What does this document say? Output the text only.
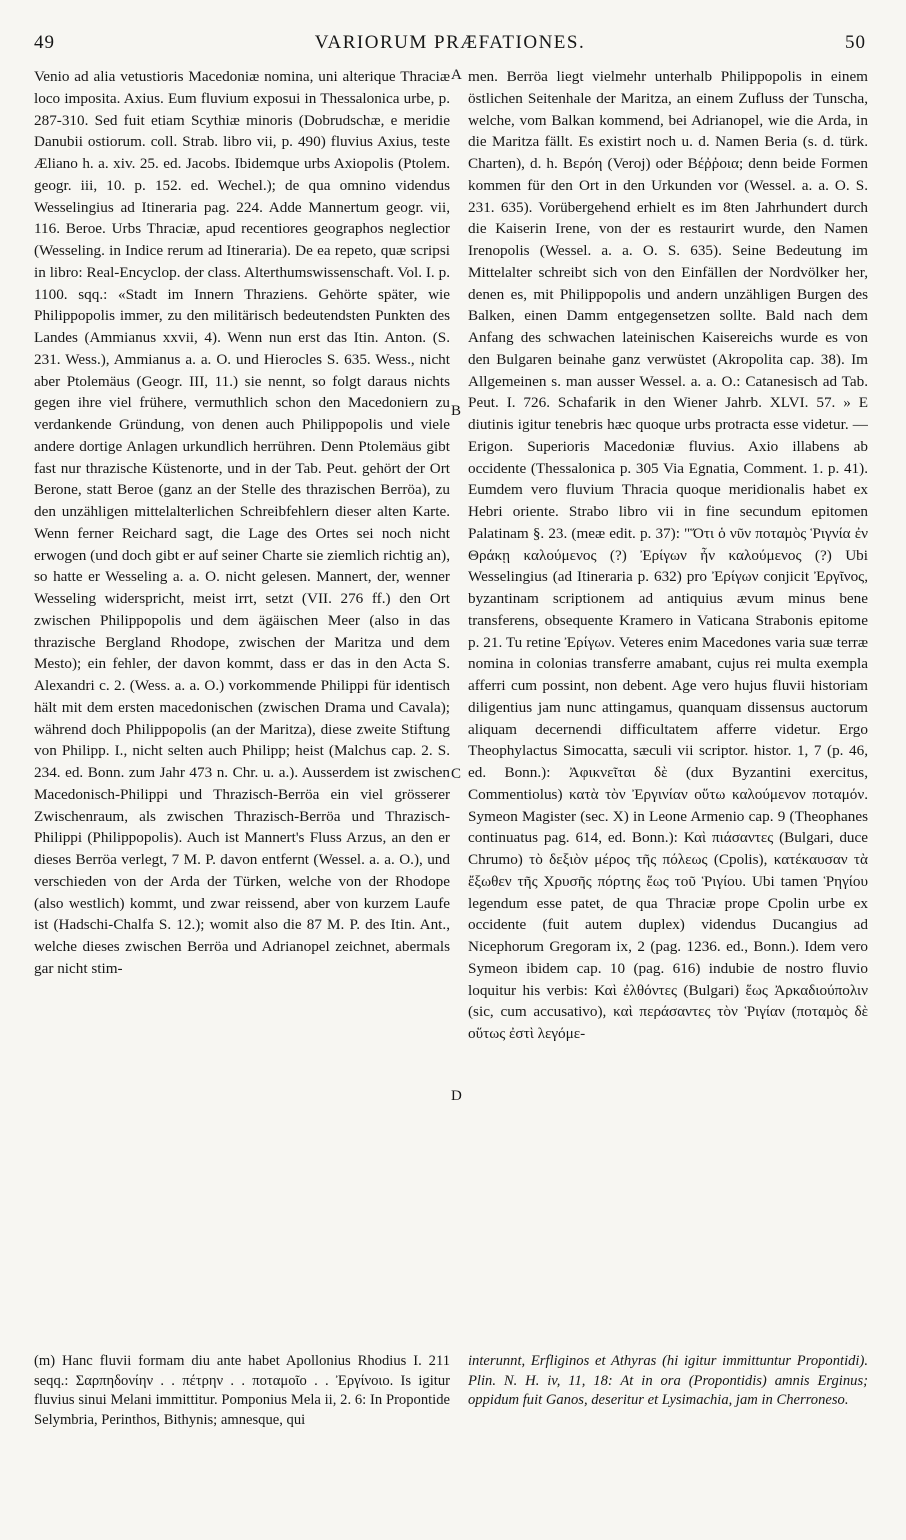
49	VARIORUM PRÆFATIONES.	50

Venio ad alia vetustioris Macedoniæ nomina, uni alterique Thraciæ loco imposita. Axius. Eum fluvium exposui in Thessalonica urbe, p. 287-310. Sed fuit etiam Scythiæ minoris (Dobrudschæ, e meridie Danubii ostiorum. coll. Strab. libro vii, p. 490) fluvius Axius, teste Æliano h. a. xiv. 25. ed. Jacobs. Ibidemque urbs Axiopolis (Ptolem. geogr. iii, 10. p. 152. ed. Wechel.); de qua omnino videndus Wesselingius ad Itineraria pag. 224. Adde Mannertum geogr. vii, 116. Beroe. Urbs Thraciæ, apud recentiores geographos neglectior (Wesseling. in Indice rerum ad Itineraria). De ea repeto, quæ scripsi in libro: Real-Encyclop. der class. Alterthumswissenschaft. Vol. I. p. 1100. sqq.: «Stadt im Innern Thraziens. Gehörte später, wie Philippopolis immer, zu den militärisch bedeutendsten Punkten des Landes (Ammianus xxvii, 4). Wenn nun erst das Itin. Anton. (S. 231. Wess.), Ammianus a. a. O. und Hierocles S. 635. Wess., nicht aber Ptolemäus (Geogr. III, 11.) sie nennt, so folgt daraus nichts gegen ihre viel frühere, vermuthlich schon den Macedoniern zu verdankende Gründung, von denen auch Philippopolis und viele andere dortige Anlagen urkundlich herrühren. Denn Ptolemäus gibt fast nur thrazische Küstenorte, und in der Tab. Peut. gehört der Ort Berone, statt Beroe (ganz an der Stelle des thrazischen Berröa), zu den unzähligen mittelalterlichen Schreibfehlern dieser alten Karte. Wenn ferner Reichard sagt, die Lage des Ortes sei noch nicht erwogen (und doch gibt er auf seiner Charte sie ziemlich richtig an), so hatte er Wesseling a. a. O. nicht gelesen. Mannert, der, wenner Wesseling widerspricht, meist irrt, setzt (VII. 276 ff.) den Ort zwischen Philippopolis und dem ägäischen Meer (also in das thrazische Bergland Rhodope, zwischen der Maritza und dem Mesto); ein fehler, der davon kommt, dass er das in den Acta S. Alexandri c. 2. (Wess. a. a. O.) vorkommende Philippi für identisch hält mit dem ersten macedonischen (zwischen Drama und Cavala); während doch Philippopolis (an der Maritza), diese zweite Stiftung von Philipp. I., nicht selten auch Philipp; heist (Malchus cap. 2. S. 234. ed. Bonn. zum Jahr 473 n. Chr. u. a.). Ausserdem ist zwischen Macedonisch-Philippi und Thrazisch-Berröa ein viel grösserer Zwischenraum, als zwischen Thrazisch-Berröa und Thrazisch-Philippi (Philippopolis). Auch ist Mannert's Fluss Arzus, an den er dieses Berröa verlegt, 7 M. P. davon entfernt (Wessel. a. a. O.), und verschieden von der Arda der Türken, welche von der Rhodope (also westlich) kommt, und zwar reissend, aber von kurzem Laufe ist (Hadschi-Chalfa S. 12.); womit also die 87 M. P. des Itin. Ant., welche dieses zwischen Berröa und Adrianopel zeichnet, abermals gar nicht stim-

A
B
C
D

men. Berröa liegt vielmehr unterhalb Philippopolis in einem östlichen Seitenhale der Maritza, an einem Zufluss der Tunscha, welche, vom Balkan kommend, bei Adrianopel, wie die Arda, in die Maritza fällt. Es existirt noch u. d. Namen Beria (s. d. türk. Charten), d. h. Βερόη (Veroj) oder Βέῤῥοια; denn beide Formen kommen für den Ort in den Urkunden vor (Wessel. a. a. O. S. 231. 635). Vorübergehend erhielt es im 8ten Jahrhundert durch die Kaiserin Irene, von der es restaurirt wurde, den Namen Irenopolis (Wessel. a. a. O. S. 635). Seine Bedeutung im Mittelalter schreibt sich von den Einfällen der Nordvölker her, denen es, mit Philippopolis und andern unzähligen Burgen des Balken, einen Damm entgegensetzen sollte. Bald nach dem Anfang des schwachen lateinischen Kaisereichs wurde es von den Bulgaren beinahe ganz verwüstet (Akropolita cap. 38). Im Allgemeinen s. man ausser Wessel. a. a. O.: Catanesisch ad Tab. Peut. I. 726. Schafarik in den Wiener Jahrb. XLVI. 57. » E diutinis igitur tenebris hæc quoque urbs protracta esse videtur. — Erigon. Superioris Macedoniæ fluvius. Axio illabens ab occidente (Thessalonica p. 305 Via Egnatia, Comment. 1. p. 41). Eumdem vero fluvium Thracia quoque meridionalis habet ex Hebri oriente. Strabo libro vii in fine secundum epitomen Palatinam §. 23. (meæ edit. p. 37): "Ὅτι ὁ νῦν ποταμὸς Ῥιγνία ἐν Θράκῃ καλούμενος (?) Ἐρίγων ἦν καλούμενος (?) Ubi Wesselingius (ad Itineraria p. 632) pro Ἐρίγων conjicit Ἐργῖνος, byzantinam scriptionem ad antiquius ævum minus bene transferens, obsequente Kramero in Vaticana Strabonis epitome p. 21. Tu retine Ἐρίγων. Veteres enim Macedones varia suæ terræ nomina in colonias transferre amabant, cujus rei multa exempla afferri cum possint, non debent. Age vero hujus fluvii historiam diligentius jam nunc attingamus, quanquam dissensus auctorum aliquam decernendi difficultatem afferre videtur. Ergo Theophylactus Simocatta, sæculi vii scriptor. histor. 1, 7 (p. 46, ed. Bonn.): Ἀφικνεῖται δὲ (dux Byzantini exercitus, Commentiolus) κατὰ τὸν Ἐργινίαν οὕτω καλούμενον ποταμόν. Symeon Magister (sec. X) in Leone Armenio cap. 9 (Theophanes continuatus pag. 614, ed. Bonn.): Καὶ πιάσαντες (Bulgari, duce Chrumo) τὸ δεξιὸν μέρος τῆς πόλεως (Cpolis), κατέκαυσαν τὰ ἔξωθεν τῆς Χρυσῆς πόρτης ἕως τοῦ Ῥιγίου. Ubi tamen Ῥηγίου legendum esse patet, de qua Thraciæ prope Cpolin urbe ex occidente (fuit autem duplex) videndus Ducangius ad Nicephorum Gregoram ix, 2 (pag. 1236. ed., Bonn.). Idem vero Symeon ibidem cap. 10 (pag. 616) indubie de nostro fluvio loquitur his verbis: Καὶ ἐλθόντες (Bulgari) ἕως Ἀρκαδιούπολιν (sic, cum accusativo), καὶ περάσαντες τὸν Ῥιγίαν (ποταμὸς δὲ οὕτως ἐστὶ λεγόμε-

(m) Hanc fluvii formam diu ante habet Apollonius Rhodius I. 211 seqq.: Σαρπηδονίην . . πέτρην . . ποταμοῖο . . Ἐργίνοιο. Is igitur fluvius sinui Melani immittitur. Pomponius Mela ii, 2. 6: In Propontide Selymbria, Perinthos, Bithynis; amnesque, qui

interunnt, Erfliginos et Athyras (hi igitur immittuntur Propontidi). Plin. N. H. iv, 11, 18: At in ora (Propontidis) amnis Erginus; oppidum fuit Ganos, deseritur et Lysimachia, jam in Cherroneso.
